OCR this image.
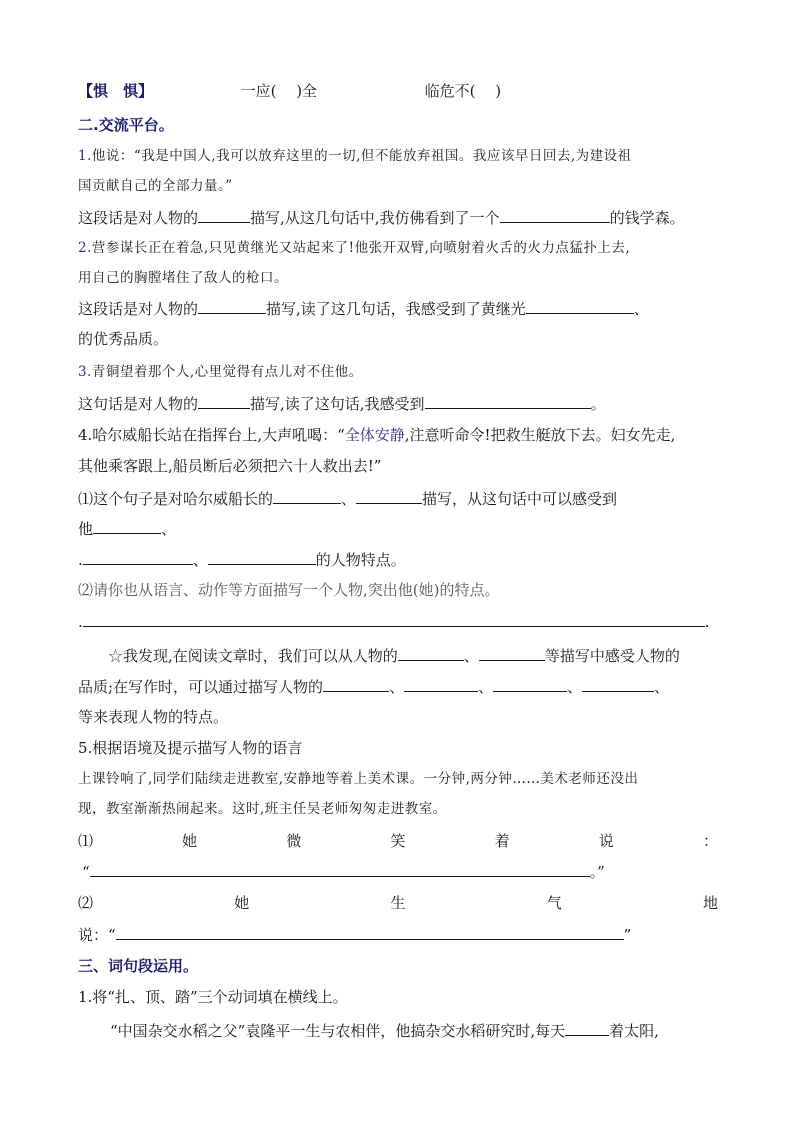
【惧　惧】	一应(　 )全	临危不(　 )
二.交流平台。
1.他说：“我是中国人,我可以放弃这里的一切,但不能放弃祖国。我应该早日回去,为建设祖
国贡献自己的全部力量。”
这段话是对人物的	描写,从这几句话中,我仿佛看到了一个	的钱学森。
2.营参谋长正在着急,只见黄继光又站起来了!他张开双臂,向喷射着火舌的火力点猛扑上去,
用自己的胸膛堵住了敌人的枪口。
这段话是对人物的	描写,读了这几句话，我感受到了黄继光	、
的优秀品质。
3.青铜望着那个人,心里觉得有点儿对不住他。
这句话是对人物的	描写,读了这句话,我感受到	。
4.哈尔威船长站在指挥台上,大声吼喝：“全体安静,注意听命令!把救生艇放下去。妇女先走,
其他乘客跟上,船员断后必须把六十人救出去!”
⑴这个句子是对哈尔威船长的	、	描写，从这句话中可以感受到
他	、
.	、	的人物特点。
⑵请你也从语言、动作等方面描写一个人物,突出他(她)的特点。
.	.
☆我发现,在阅读文章时，我们可以从人物的	、	等描写中感受人物的
品质;在写作时，可以通过描写人物的	、	、	、	、
等来表现人物的特点。
5.根据语境及提示描写人物的语言
上课铃响了,同学们陆续走进教室,安静地等着上美术课。一分钟,两分钟……美术老师还没出
现，教室渐渐热闹起来。这时,班主任吴老师匆匆走进教室。
⑴	她	微	笑	着	说	：
“	。”
⑵	她	生	气	地
说：“	”
三、词句段运用。
1.将“扎、顶、踏”三个动词填在横线上。
“中国杂交水稻之父”袁隆平一生与农相伴，他搞杂交水稻研究时,每天	着太阳,
